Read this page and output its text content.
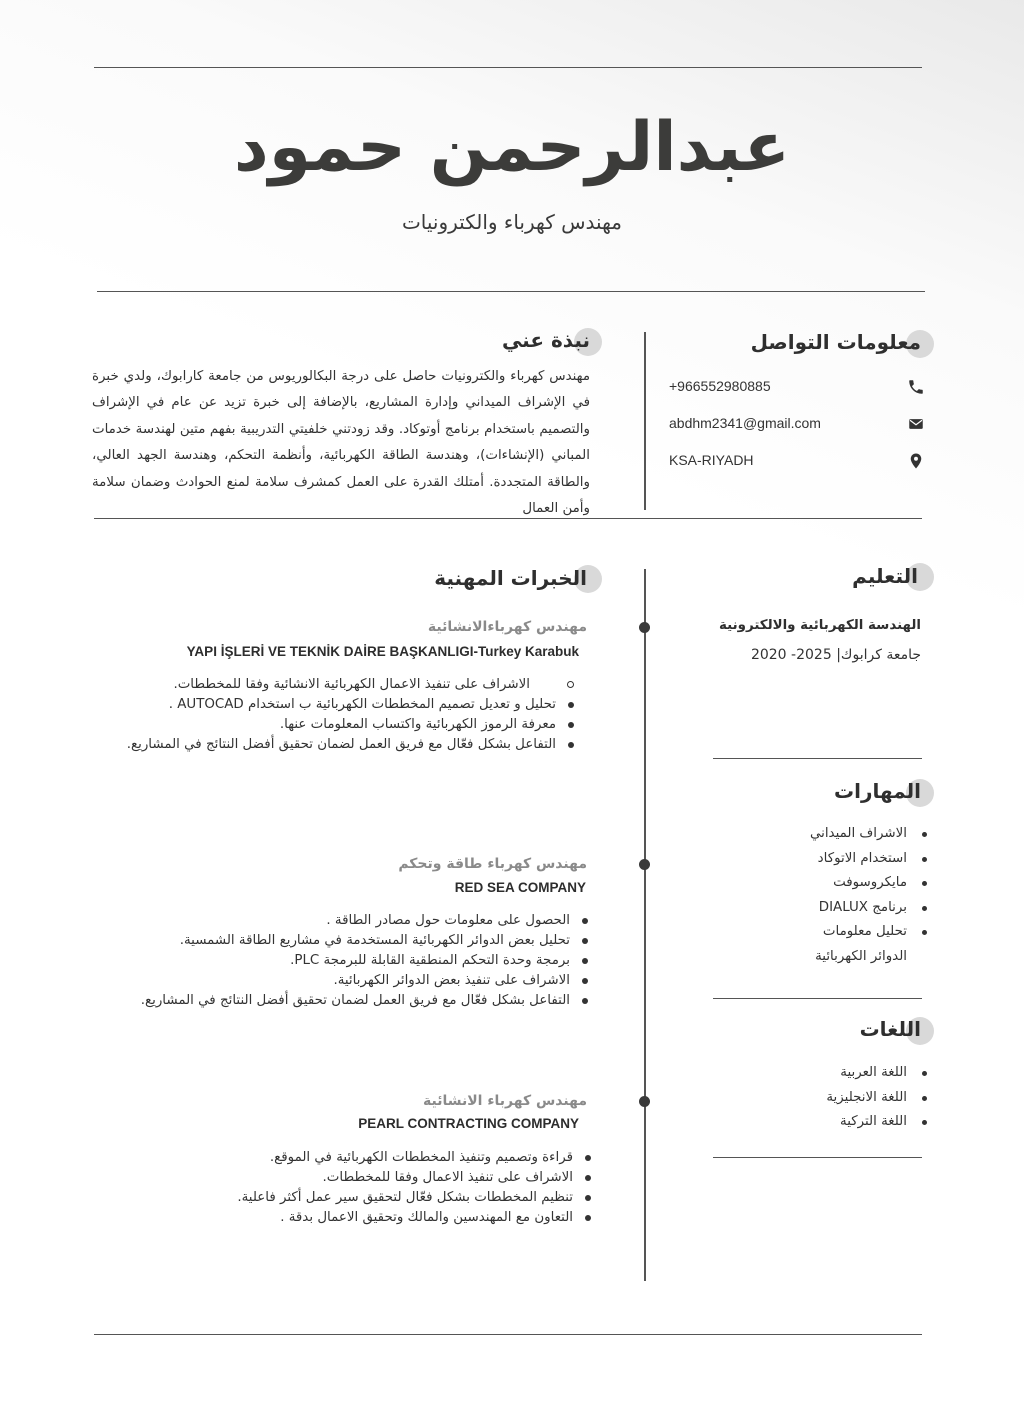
عبدالرحمن حمود
مهندس كهرباء والكترونيات
معلومات التواصل
+966552980885
abdhm2341@gmail.com
KSA-RIYADH
نبذة عني
مهندس كهرباء والكترونيات حاصل على درجة البكالوريوس من جامعة كارابوك، ولدي خبرة في الإشراف الميداني وإدارة المشاريع، بالإضافة إلى خبرة تزيد عن عام في الإشراف والتصميم باستخدام برنامج أوتوكاد. وقد زودتني خلفيتي التدريبية بفهم متين لهندسة خدمات المباني (الإنشاءات)، وهندسة الطاقة الكهربائية، وأنظمة التحكم، وهندسة الجهد العالي، والطاقة المتجددة. أمتلك القدرة على العمل كمشرف سلامة لمنع الحوادث وضمان سلامة وأمن العمال
الخبرات المهنية
مهندس كهرباءالانشائية
YAPI İŞLERİ VE TEKNİK DAİRE BAŞKANLIGI-Turkey Karabuk
الاشراف على تنفيذ الاعمال الكهربائية الانشائية وفقا للمخططات.
تحليل و تعديل تصميم المخططات الكهربائية ب استخدام AUTOCAD .
معرفة الرموز الكهربائية واكتساب المعلومات عنها.
التفاعل بشكل فعّال مع فريق العمل لضمان تحقيق أفضل النتائج في المشاريع.
مهندس كهرباء طاقة وتحكم
RED SEA COMPANY
الحصول على معلومات حول مصادر الطاقة .
تحليل بعض الدوائر الكهربائية المستخدمة في مشاريع الطاقة الشمسية.
برمجة وحدة التحكم المنطقية القابلة للبرمجة PLC.
الاشراف على تنفيذ بعض الدوائر الكهربائية.
التفاعل بشكل فعّال مع فريق العمل لضمان تحقيق أفضل النتائج في المشاريع.
مهندس كهرباء الانشائية
PEARL CONTRACTING COMPANY
قراءة وتصميم وتنفيذ المخططات الكهربائية في الموقع.
الاشراف على تنفيذ الاعمال وفقا للمخططات.
تنظيم المخططات بشكل فعّال لتحقيق سير عمل أكثر فاعلية.
التعاون مع المهندسين والمالك وتحقيق الاعمال بدقة .
التعليم
الهندسة الكهربائية والالكترونية
جامعة كرابوك| 2025- 2020
المهارات
الاشراف الميداني
استخدام الاتوكاد
مايكروسوفت
برنامج DIALUX
تحليل معلومات
الدوائر الكهربائية
اللغات
اللغة العربية
اللغة الانجليزية
اللغة التركية
